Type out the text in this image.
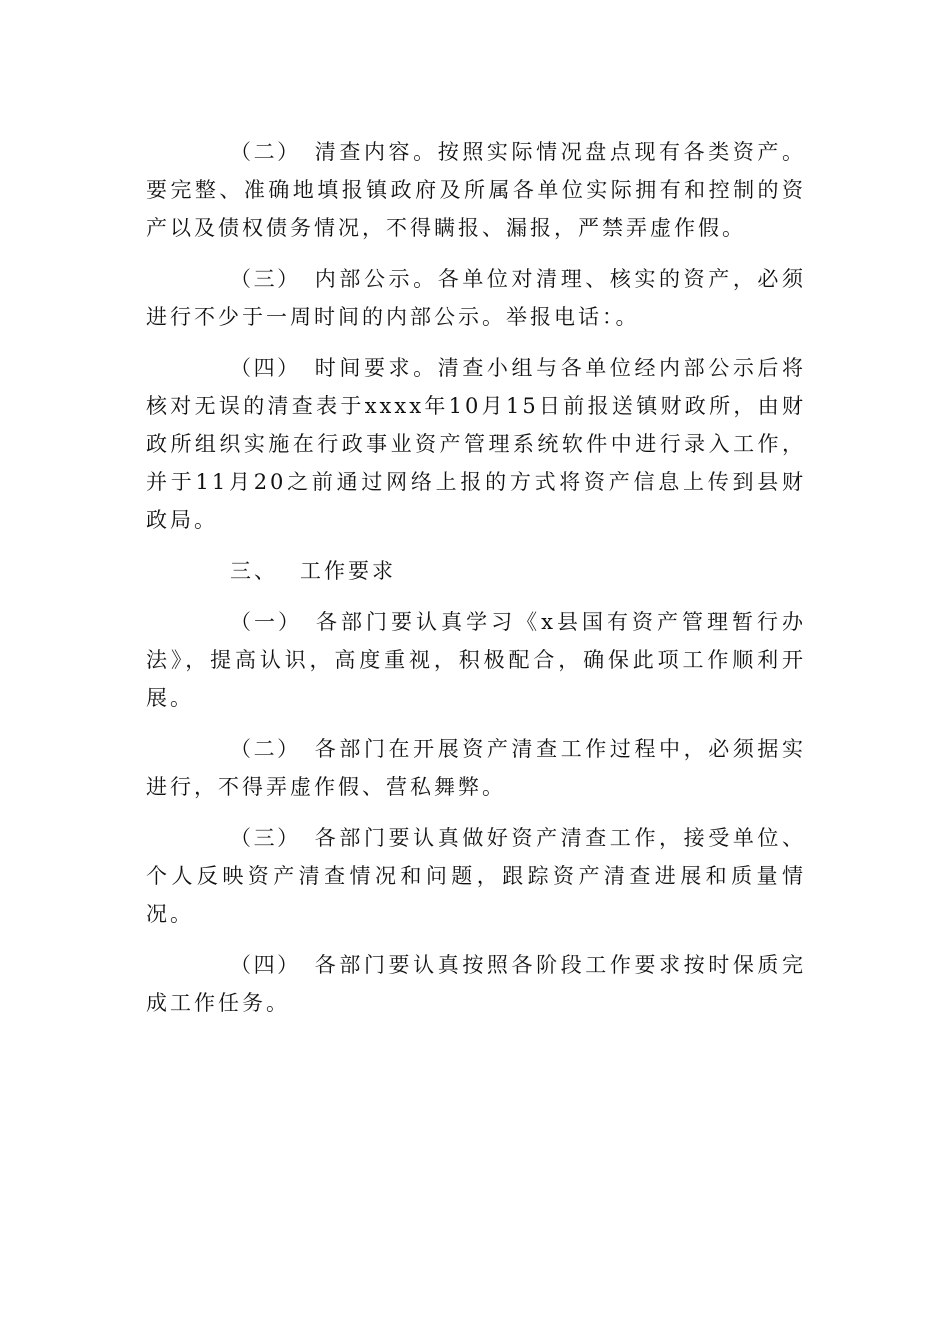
（二） 清查内容。按照实际情况盘点现有各类资产。要完整、准确地填报镇政府及所属各单位实际拥有和控制的资产以及债权债务情况，不得瞒报、漏报，严禁弄虚作假。

（三） 内部公示。各单位对清理、核实的资产，必须进行不少于一周时间的内部公示。举报电话：。

（四） 时间要求。清查小组与各单位经内部公示后将核对无误的清查表于xxxx年10月15日前报送镇财政所，由财政所组织实施在行政事业资产管理系统软件中进行录入工作，并于11月20之前通过网络上报的方式将资产信息上传到县财政局。

三、 工作要求

（一） 各部门要认真学习《x县国有资产管理暂行办法》，提高认识，高度重视，积极配合，确保此项工作顺利开展。

（二） 各部门在开展资产清查工作过程中，必须据实进行，不得弄虚作假、营私舞弊。

（三） 各部门要认真做好资产清查工作，接受单位、个人反映资产清查情况和问题，跟踪资产清查进展和质量情况。

（四） 各部门要认真按照各阶段工作要求按时保质完成工作任务。
